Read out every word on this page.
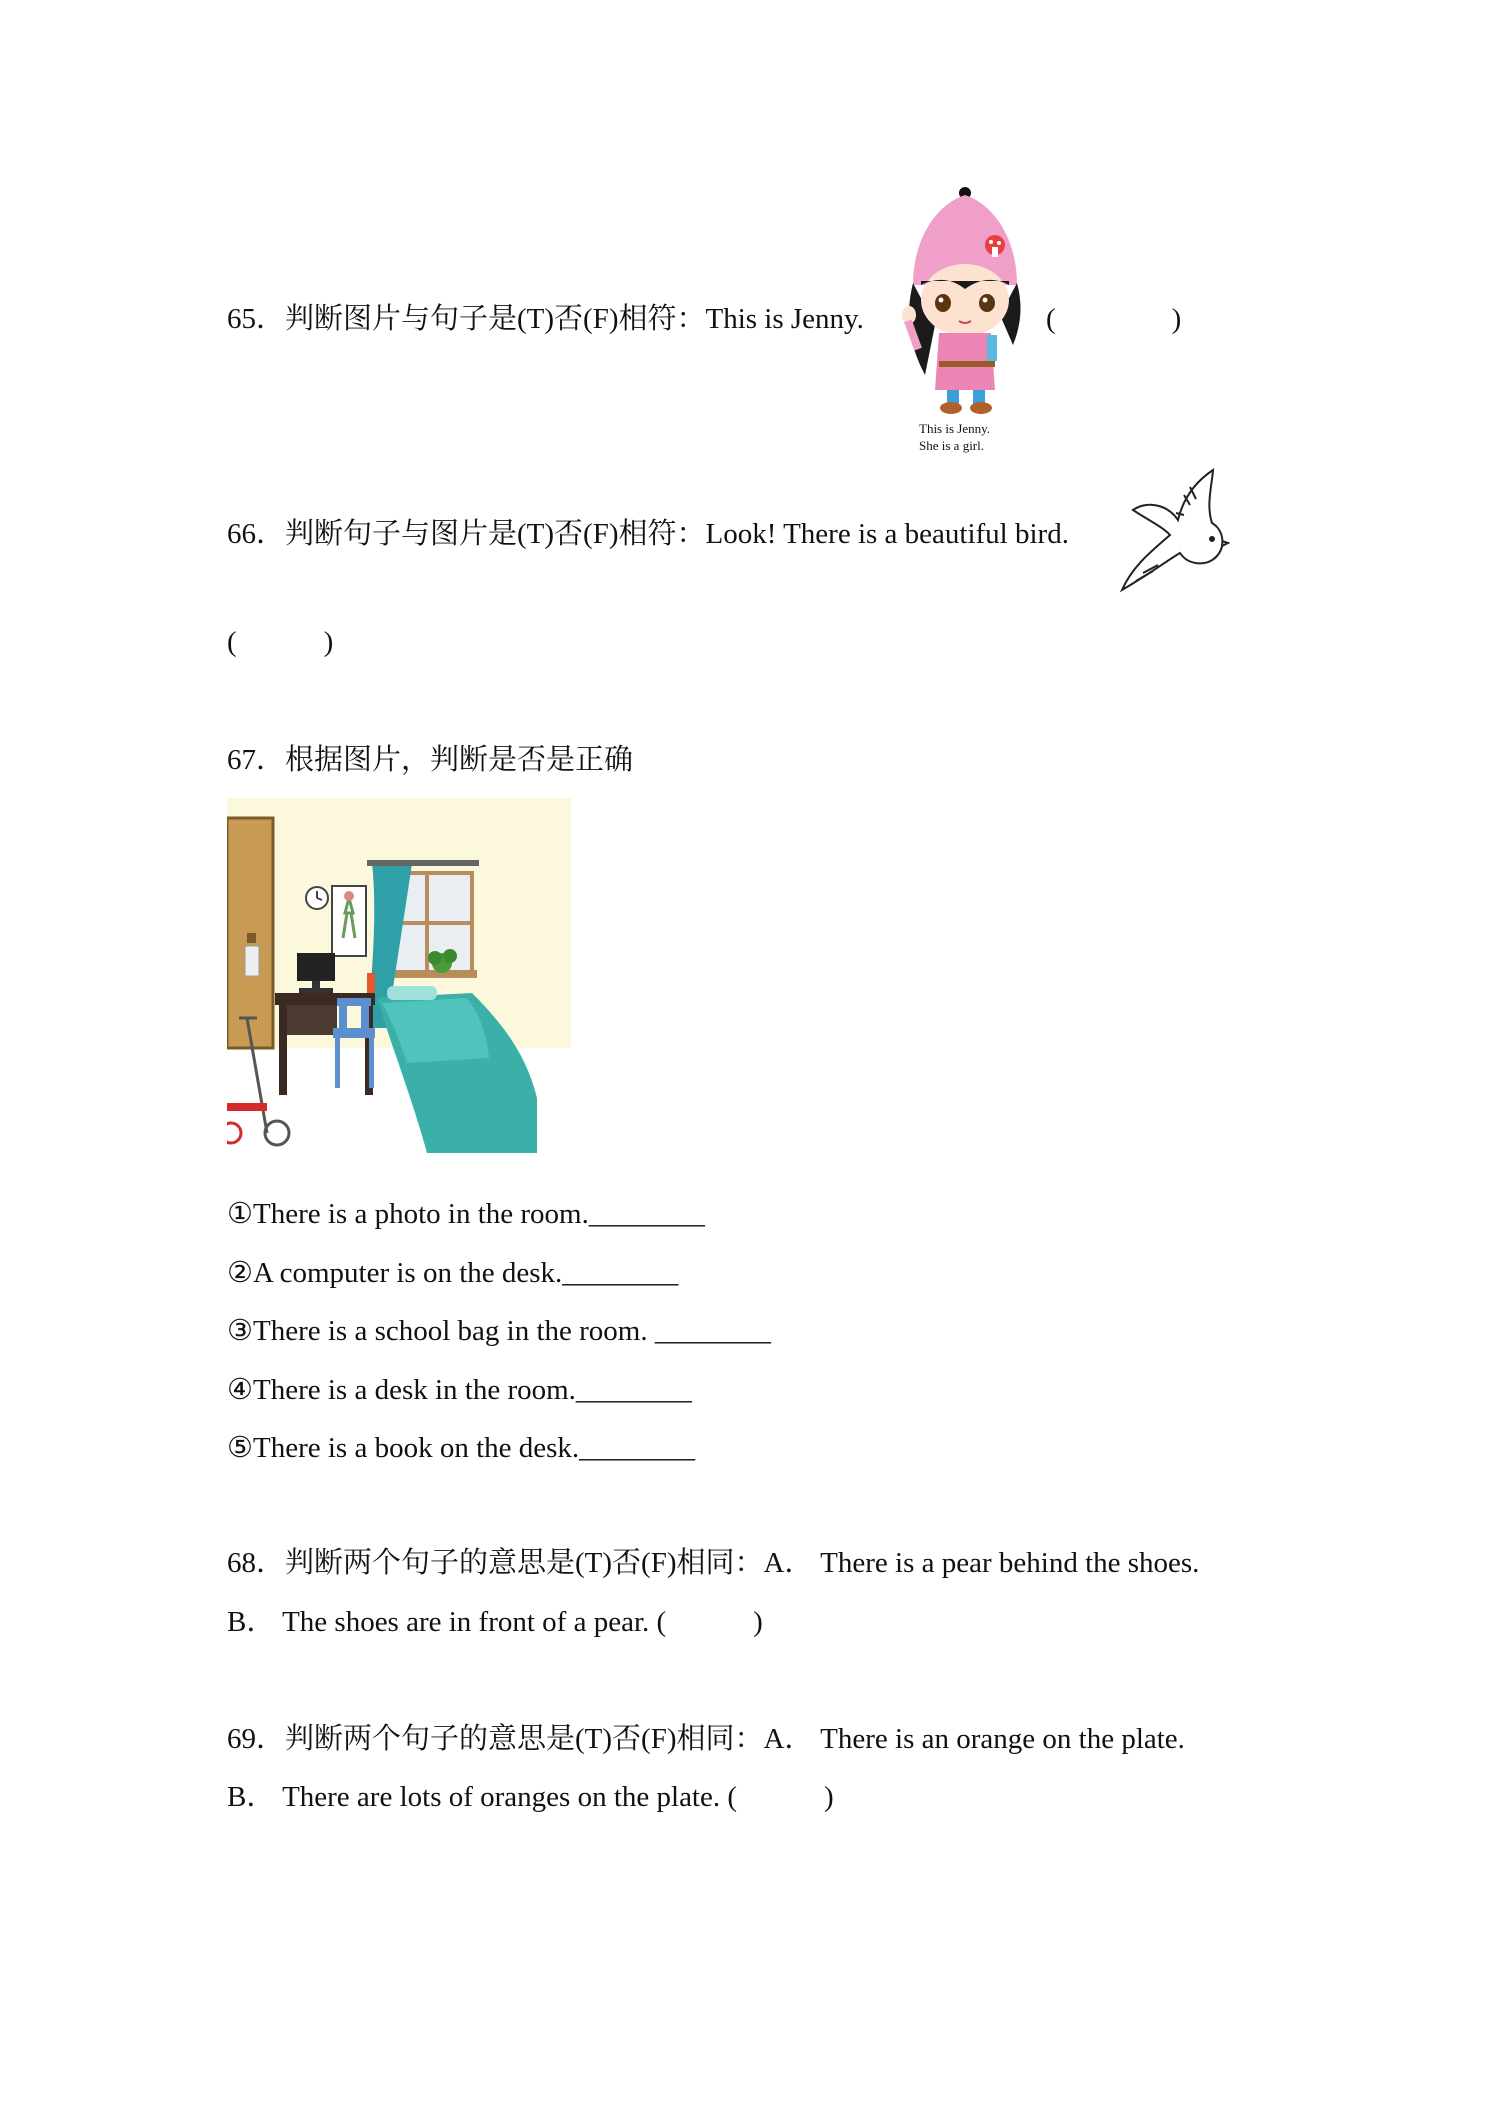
65．判断图片与句子是(T)否(F)相符：This is Jenny.	(　　　　)
This is Jenny.
She is a girl.
66．判断句子与图片是(T)否(F)相符：Look! There is a beautiful bird.
(　　　)
67．根据图片，判断是否是正确
①There is a photo in the room.________
②A computer is on the desk.________
③There is a school bag in the room. ________
④There is a desk in the room.________
⑤There is a book on the desk.________
68．判断两个句子的意思是(T)否(F)相同：A． There is a pear behind the shoes.
B． The shoes are in front of a pear. (　　　)
69．判断两个句子的意思是(T)否(F)相同：A． There is an orange on the plate.
B． There are lots of oranges on the plate. (　　　)
